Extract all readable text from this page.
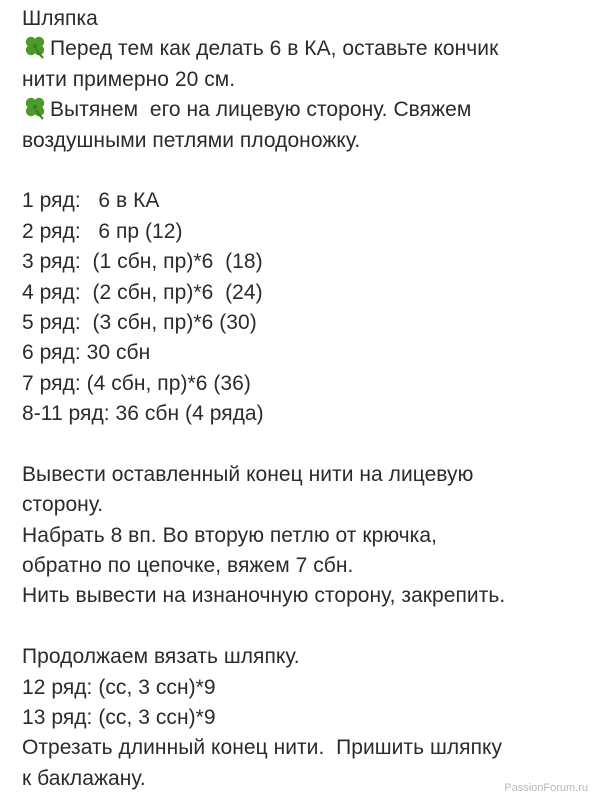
Шляпка
Перед тем как делать 6 в КА, оставьте кончик
нити примерно 20 см.
Вытянем  его на лицевую сторону. Свяжем
воздушными петлями плодоножку.
1 ряд:   6 в КА
2 ряд:   6 пр (12)
3 ряд:  (1 сбн, пр)*6  (18)
4 ряд:  (2 сбн, пр)*6  (24)
5 ряд:  (3 сбн, пр)*6 (30)
6 ряд: 30 сбн
7 ряд: (4 сбн, пр)*6 (36)
8-11 ряд: 36 сбн (4 ряда)
Вывести оставленный конец нити на лицевую
сторону.
Набрать 8 вп. Во вторую петлю от крючка,
обратно по цепочке, вяжем 7 сбн.
Нить вывести на изнаночную сторону, закрепить.
Продолжаем вязать шляпку.
12 ряд: (сс, 3 ссн)*9
13 ряд: (сс, 3 ссн)*9
Отрезать длинный конец нити.  Пришить шляпку
к баклажану.	PassionForum.ru
